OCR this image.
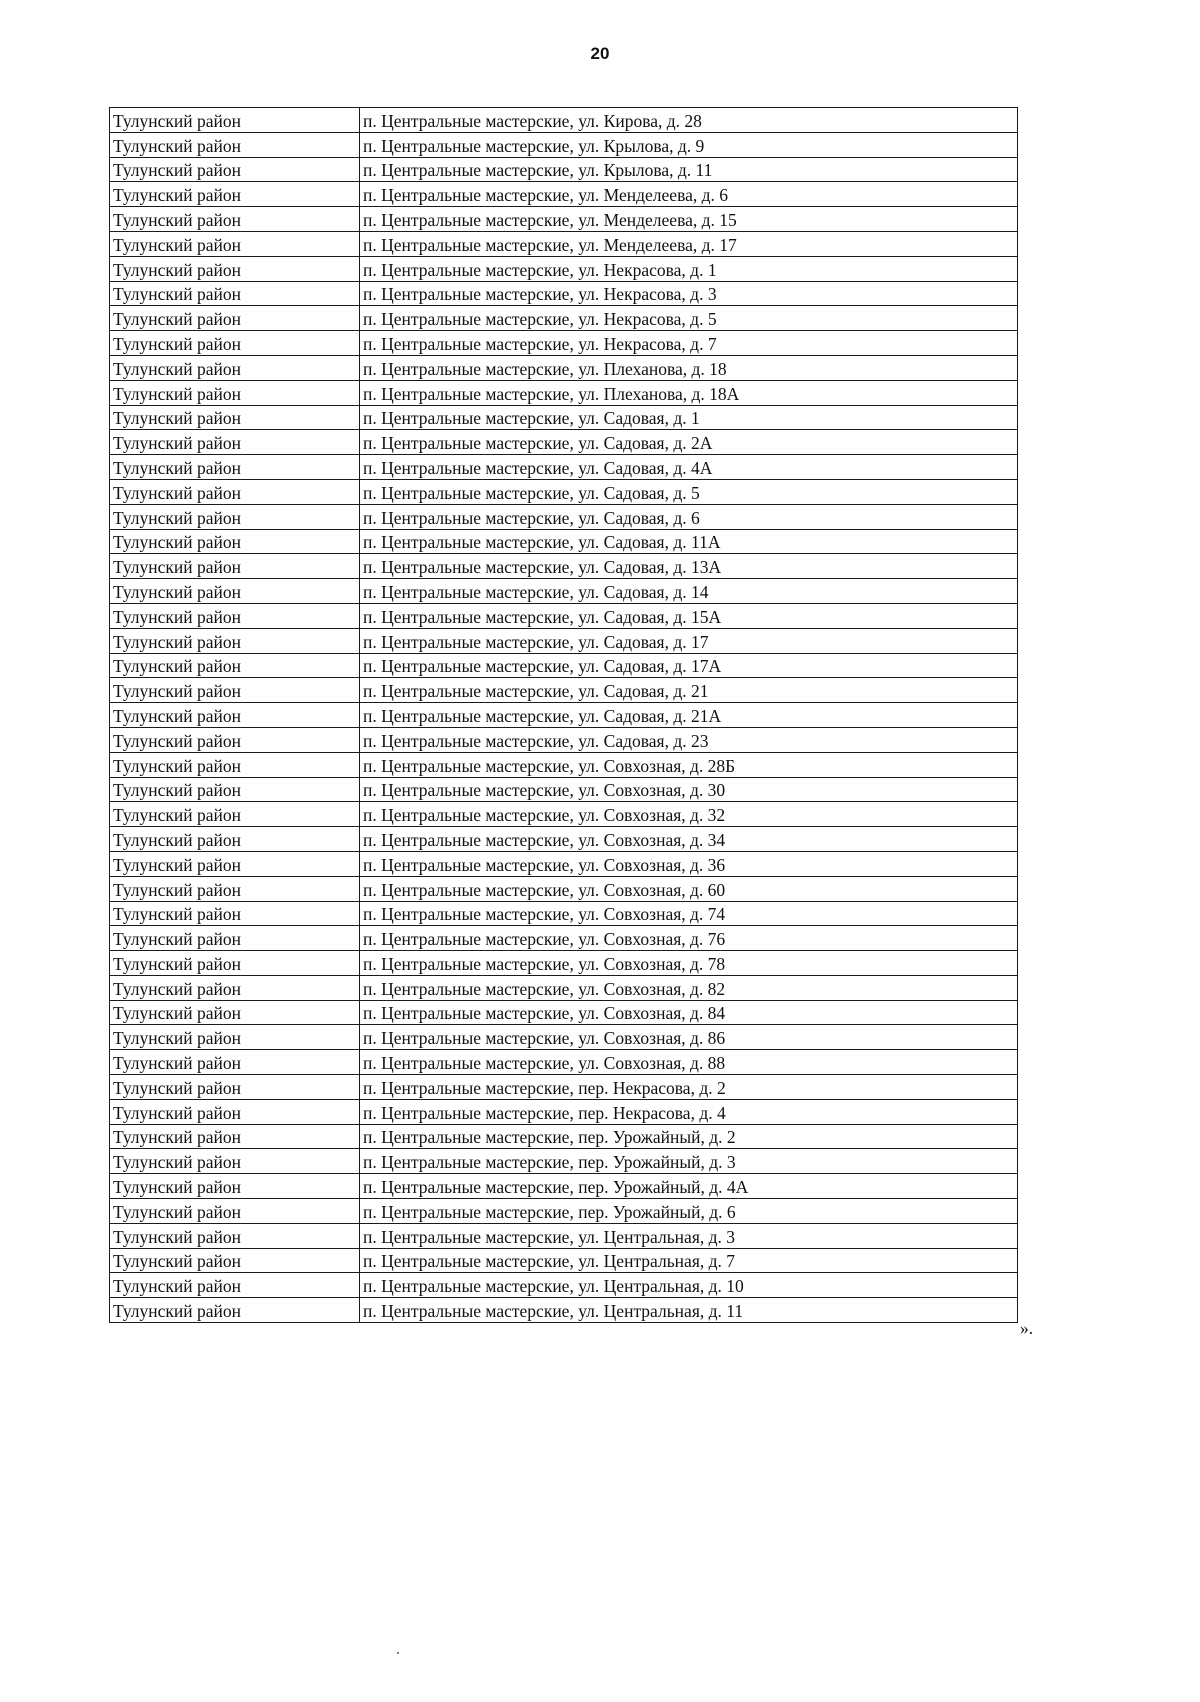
20
Тулунский район	п. Центральные мастерские, ул. Кирова, д. 28
Тулунский район	п. Центральные мастерские, ул. Крылова, д. 9
Тулунский район	п. Центральные мастерские, ул. Крылова, д. 11
Тулунский район	п. Центральные мастерские, ул. Менделеева, д. 6
Тулунский район	п. Центральные мастерские, ул. Менделеева, д. 15
Тулунский район	п. Центральные мастерские, ул. Менделеева, д. 17
Тулунский район	п. Центральные мастерские, ул. Некрасова, д. 1
Тулунский район	п. Центральные мастерские, ул. Некрасова, д. 3
Тулунский район	п. Центральные мастерские, ул. Некрасова, д. 5
Тулунский район	п. Центральные мастерские, ул. Некрасова, д. 7
Тулунский район	п. Центральные мастерские, ул. Плеханова, д. 18
Тулунский район	п. Центральные мастерские, ул. Плеханова, д. 18А
Тулунский район	п. Центральные мастерские, ул. Садовая, д. 1
Тулунский район	п. Центральные мастерские, ул. Садовая, д. 2А
Тулунский район	п. Центральные мастерские, ул. Садовая, д. 4А
Тулунский район	п. Центральные мастерские, ул. Садовая, д. 5
Тулунский район	п. Центральные мастерские, ул. Садовая, д. 6
Тулунский район	п. Центральные мастерские, ул. Садовая, д. 11А
Тулунский район	п. Центральные мастерские, ул. Садовая, д. 13А
Тулунский район	п. Центральные мастерские, ул. Садовая, д. 14
Тулунский район	п. Центральные мастерские, ул. Садовая, д. 15А
Тулунский район	п. Центральные мастерские, ул. Садовая, д. 17
Тулунский район	п. Центральные мастерские, ул. Садовая, д. 17А
Тулунский район	п. Центральные мастерские, ул. Садовая, д. 21
Тулунский район	п. Центральные мастерские, ул. Садовая, д. 21А
Тулунский район	п. Центральные мастерские, ул. Садовая, д. 23
Тулунский район	п. Центральные мастерские, ул. Совхозная, д. 28Б
Тулунский район	п. Центральные мастерские, ул. Совхозная, д. 30
Тулунский район	п. Центральные мастерские, ул. Совхозная, д. 32
Тулунский район	п. Центральные мастерские, ул. Совхозная, д. 34
Тулунский район	п. Центральные мастерские, ул. Совхозная, д. 36
Тулунский район	п. Центральные мастерские, ул. Совхозная, д. 60
Тулунский район	п. Центральные мастерские, ул. Совхозная, д. 74
Тулунский район	п. Центральные мастерские, ул. Совхозная, д. 76
Тулунский район	п. Центральные мастерские, ул. Совхозная, д. 78
Тулунский район	п. Центральные мастерские, ул. Совхозная, д. 82
Тулунский район	п. Центральные мастерские, ул. Совхозная, д. 84
Тулунский район	п. Центральные мастерские, ул. Совхозная, д. 86
Тулунский район	п. Центральные мастерские, ул. Совхозная, д. 88
Тулунский район	п. Центральные мастерские, пер. Некрасова, д. 2
Тулунский район	п. Центральные мастерские, пер. Некрасова, д. 4
Тулунский район	п. Центральные мастерские, пер. Урожайный, д. 2
Тулунский район	п. Центральные мастерские, пер. Урожайный, д. 3
Тулунский район	п. Центральные мастерские, пер. Урожайный, д. 4А
Тулунский район	п. Центральные мастерские, пер. Урожайный, д. 6
Тулунский район	п. Центральные мастерские, ул. Центральная, д. 3
Тулунский район	п. Центральные мастерские, ул. Центральная, д. 7
Тулунский район	п. Центральные мастерские, ул. Центральная, д. 10
Тулунский район	п. Центральные мастерские, ул. Центральная, д. 11
».
